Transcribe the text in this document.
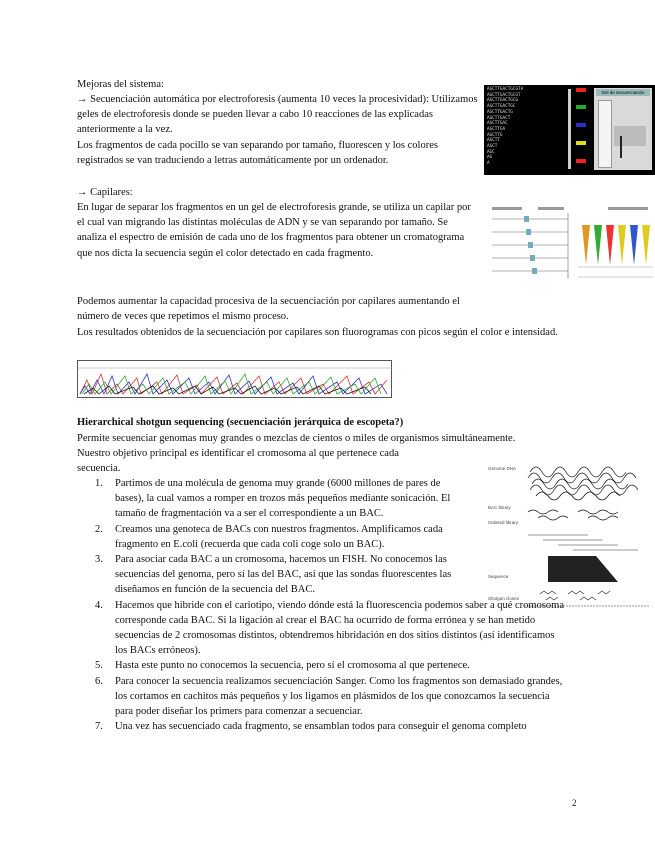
Mejoras del sistema:

→ Secuenciación automática por electroforesis (aumenta 10 veces la procesividad): Utilizamos geles de electroforesis donde se pueden llevar a cabo 10 reacciones de las explicadas anteriormente a la vez.

Los fragmentos de cada pocillo se van separando por tamaño, fluorescen y los colores registrados se van traduciendo a letras automáticamente por un ordenador.

AGCTTGACTGCGTA
AGCTTGACTGCGT
AGCTTGACTGCG
AGCTTGACTGC
AGCTTGACTG
AGCTTGACT
AGCTTGAC
AGCTTGA
AGCTTG
AGCTT
AGCT
AGC
AG
A
Gel de secuenciación

→ Capilares:

En lugar de separar los fragmentos en un gel de electroforesis grande, se utiliza un capilar por el cual van migrando las distintas moléculas de ADN y se van separando por tamaño. Se analiza el espectro de emisión de cada uno de los fragmentos para obtener un cromatograma que nos dicta la secuencia según el color detectado en cada fragmento.

Podemos aumentar la capacidad procesiva de la secuenciación por capilares aumentando el número de veces que repetimos el mismo proceso.

Los resultados obtenidos de la secuenciación por capilares son fluorogramas con picos según el color e intensidad.

Hierarchical shotgun sequencing (secuenciación jerárquica de escopeta?)

Permite secuenciar genomas muy grandes o mezclas de cientos o miles de organismos simultáneamente.

Nuestro objetivo principal es identificar el cromosoma al que pertenece cada secuencia.	Genome DNA
BAC library
Ordered library
Sequence
Shotgun clones
1. Partimos de una molécula de genoma muy grande (6000 millones de pares de bases), la cual vamos a romper en trozos más pequeños mediante sonicación. El tamaño de fragmentación va a ser el correspondiente a un BAC.
2. Creamos una genoteca de BACs con nuestros fragmentos. Amplificamos cada fragmento en E.coli (recuerda que cada coli coge solo un BAC).
3. Para asociar cada BAC a un cromosoma, hacemos un FISH. No conocemos las secuencias del genoma, pero sí las del BAC, así que las sondas fluorescentes las diseñamos en función de la secuencia del BAC.
4. Hacemos que hibride con el cariotipo, viendo dónde está la fluorescencia podemos saber a qué cromosoma corresponde cada BAC. Si la ligación al crear el BAC ha ocurrido de forma errónea y se han metido secuencias de 2 cromosomas distintos, obtendremos hibridación en dos sitios distintos (así identificamos los BACs erróneos).
5. Hasta este punto no conocemos la secuencia, pero sí el cromosoma al que pertenece.
6. Para conocer la secuencia realizamos secuenciación Sanger. Como los fragmentos son demasiado grandes, los cortamos en cachitos más pequeños y los ligamos en plásmidos de los que conozcamos la secuencia para poder diseñar los primers para comenzar a secuenciar.
7. Una vez has secuenciado cada fragmento, se ensamblan todos para conseguir el genoma completo
2
